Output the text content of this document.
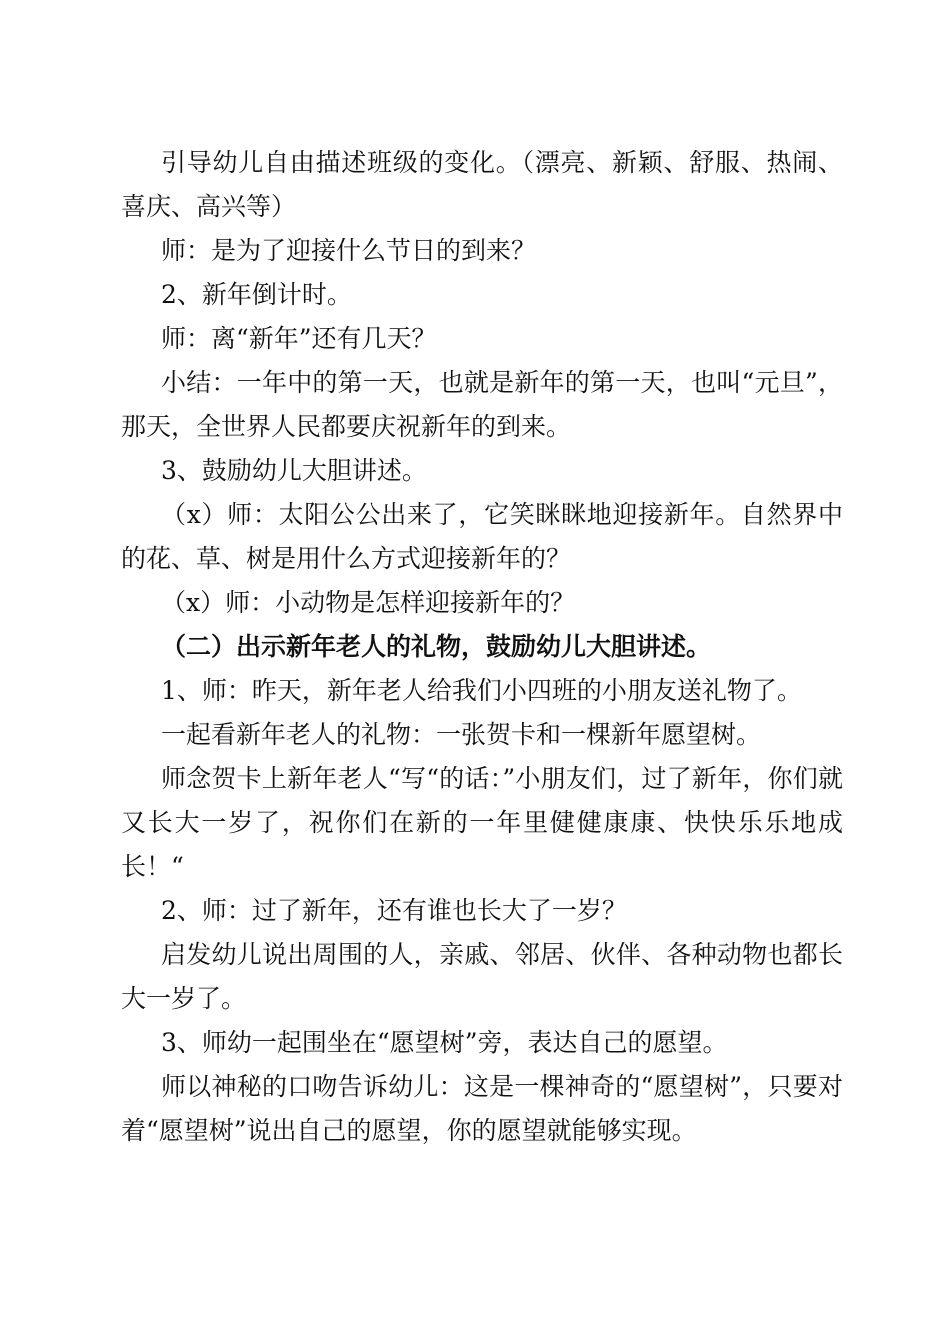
引导幼儿自由描述班级的变化。（漂亮、新颖、舒服、热闹、喜庆、高兴等）

师：是为了迎接什么节日的到来？

2、新年倒计时。

师：离“新年”还有几天？

小结：一年中的第一天，也就是新年的第一天，也叫“元旦”，那天，全世界人民都要庆祝新年的到来。

3、鼓励幼儿大胆讲述。

（x）师：太阳公公出来了，它笑眯眯地迎接新年。自然界中的花、草、树是用什么方式迎接新年的？

（x）师：小动物是怎样迎接新年的？

（二）出示新年老人的礼物，鼓励幼儿大胆讲述。

1、师：昨天，新年老人给我们小四班的小朋友送礼物了。

一起看新年老人的礼物：一张贺卡和一棵新年愿望树。

师念贺卡上新年老人“写“的话：”小朋友们，过了新年，你们就又长大一岁了，祝你们在新的一年里健健康康、快快乐乐地成长！“

2、师：过了新年，还有谁也长大了一岁？

启发幼儿说出周围的人，亲戚、邻居、伙伴、各种动物也都长大一岁了。

3、师幼一起围坐在“愿望树”旁，表达自己的愿望。

师以神秘的口吻告诉幼儿：这是一棵神奇的“愿望树”，只要对着“愿望树”说出自己的愿望，你的愿望就能够实现。
